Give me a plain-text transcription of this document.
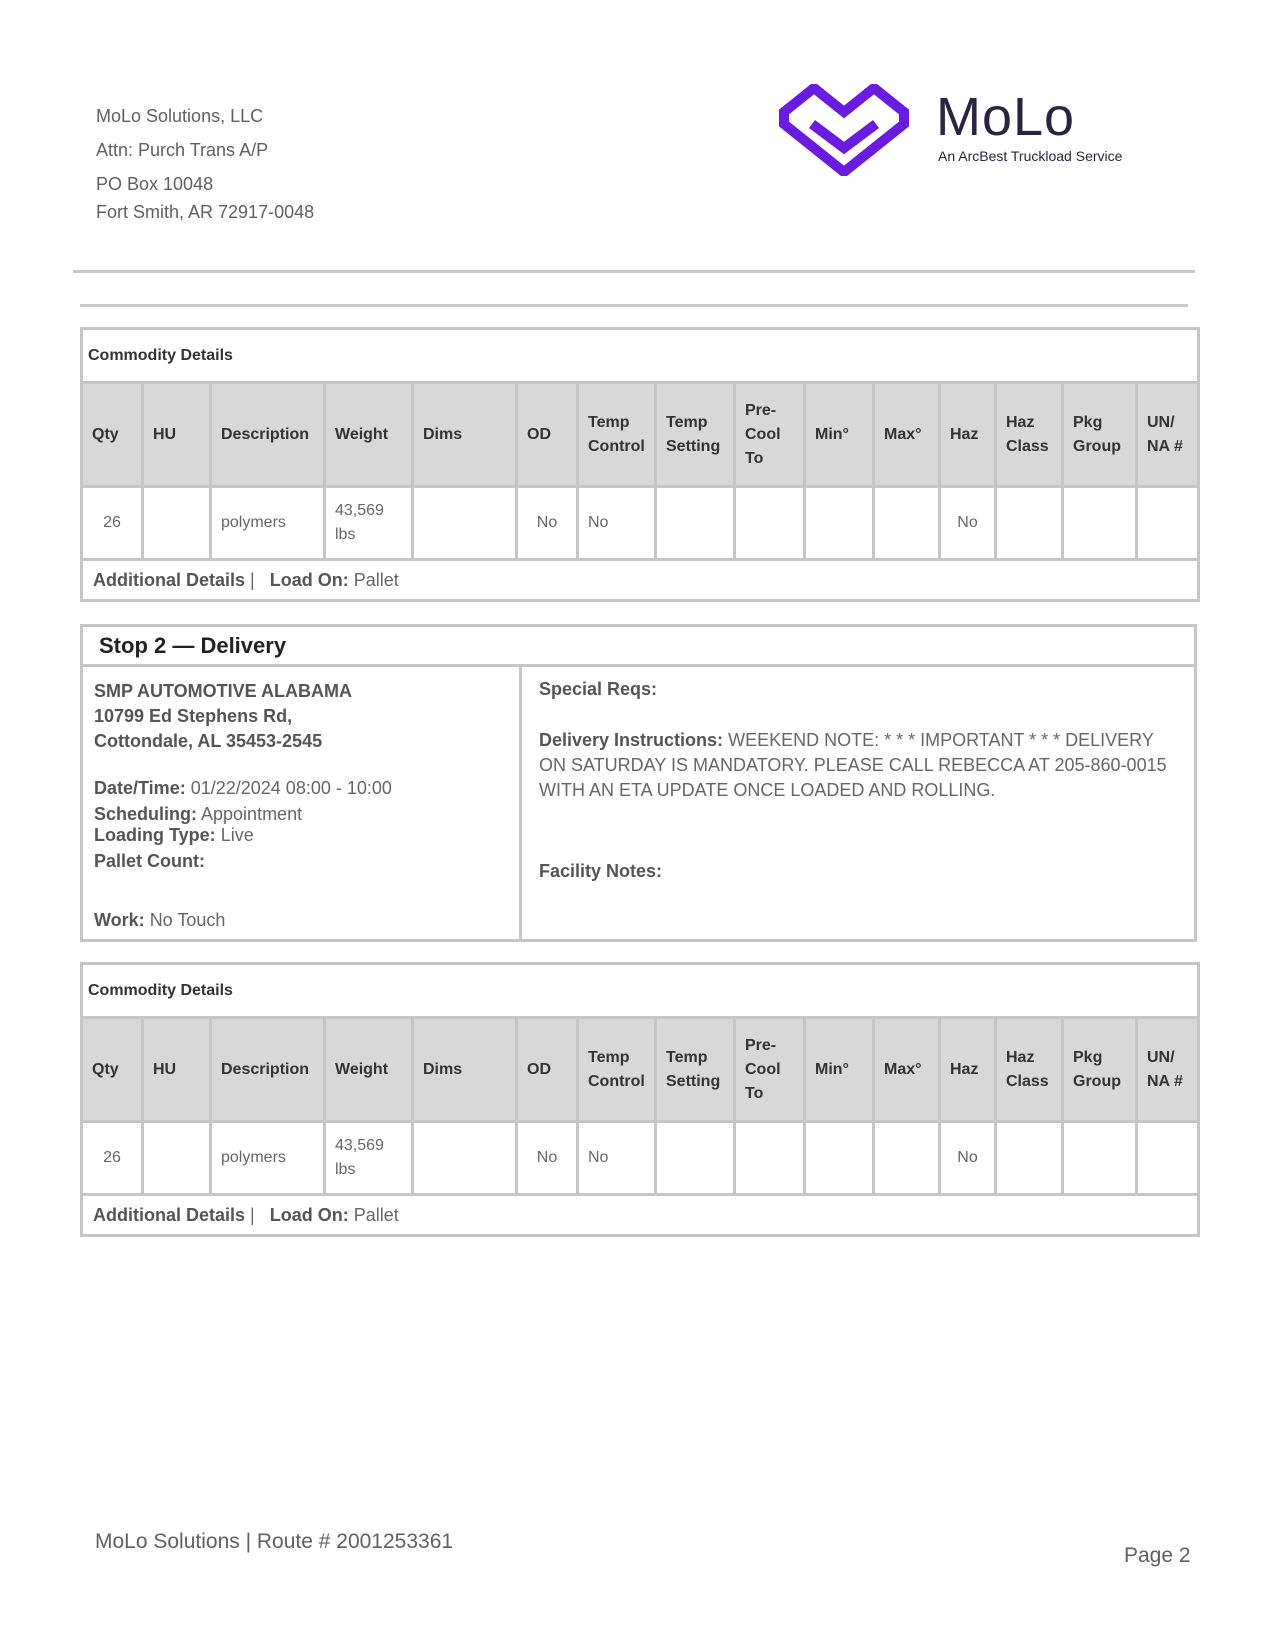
MoLo Solutions, LLC
Attn: Purch Trans A/P
PO Box 10048
Fort Smith, AR 72917-0048
MoLo
An ArcBest Truckload Service
Commodity Details														
Qty	HU	Description	Weight	Dims	OD	Temp Control	Temp Setting	Pre-Cool To	Min°	Max°	Haz	Haz Class	Pkg Group	UN/ NA #
26		polymers	43,569 lbs		No	No					No			
Additional Details |   Load On: Pallet														
Stop 2 — Delivery
SMP AUTOMOTIVE ALABAMA
10799 Ed Stephens Rd,
Cottondale, AL 35453-2545
Date/Time: 01/22/2024 08:00 - 10:00
Scheduling: Appointment
Loading Type: Live
Pallet Count:
Work: No Touch
Special Reqs:
Delivery Instructions: WEEKEND NOTE: * * * IMPORTANT * * * DELIVERY ON SATURDAY IS MANDATORY. PLEASE CALL REBECCA AT 205-860-0015 WITH AN ETA UPDATE ONCE LOADED AND ROLLING.
Facility Notes:
Commodity Details														
Qty	HU	Description	Weight	Dims	OD	Temp Control	Temp Setting	Pre-Cool To	Min°	Max°	Haz	Haz Class	Pkg Group	UN/ NA #
26		polymers	43,569 lbs		No	No					No			
Additional Details |   Load On: Pallet														
MoLo Solutions | Route # 2001253361
Page 2
